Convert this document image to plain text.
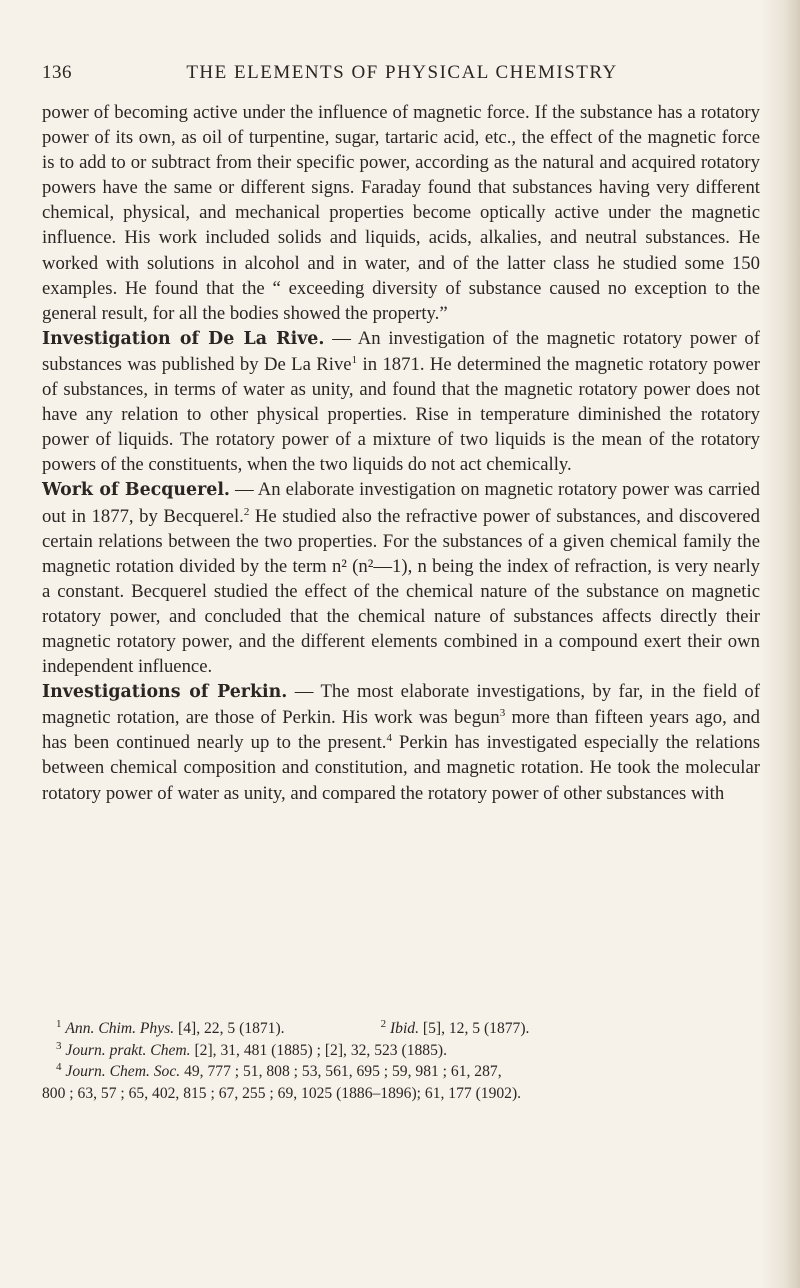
136	THE ELEMENTS OF PHYSICAL CHEMISTRY

power of becoming active under the influence of magnetic force. If the substance has a rotatory power of its own, as oil of turpentine, sugar, tartaric acid, etc., the effect of the magnetic force is to add to or subtract from their specific power, according as the natural and acquired rotatory powers have the same or different signs. Faraday found that substances having very different chemical, physical, and mechanical properties become optically active under the magnetic influence. His work included solids and liquids, acids, alkalies, and neutral substances. He worked with solutions in alcohol and in water, and of the latter class he studied some 150 examples. He found that the “ exceeding diversity of substance caused no exception to the general result, for all the bodies showed the property.”

Investigation of De La Rive. — An investigation of the magnetic rotatory power of substances was published by De La Rive$^1$ in 1871. He determined the magnetic rotatory power of substances, in terms of water as unity, and found that the magnetic rotatory power does not have any relation to other physical properties. Rise in temperature diminished the rotatory power of liquids. The rotatory power of a mixture of two liquids is the mean of the rotatory powers of the constituents, when the two liquids do not act chemically.

Work of Becquerel. — An elaborate investigation on magnetic rotatory power was carried out in 1877, by Becquerel.$^2$ He studied also the refractive power of substances, and discovered certain relations between the two properties. For the substances of a given chemical family the magnetic rotation divided by the term n² (n²—1), n being the index of refraction, is very nearly a constant. Becquerel studied the effect of the chemical nature of the substance on magnetic rotatory power, and concluded that the chemical nature of substances affects directly their magnetic rotatory power, and the different elements combined in a compound exert their own independent influence.

Investigations of Perkin. — The most elaborate investigations, by far, in the field of magnetic rotation, are those of Perkin. His work was begun$^3$ more than fifteen years ago, and has been continued nearly up to the present.$^4$ Perkin has investigated especially the relations between chemical composition and constitution, and magnetic rotation. He took the molecular rotatory power of water as unity, and compared the rotatory power of other substances with

$^1$ Ann. Chim. Phys. [4], 22, 5 (1871).	$^2$ Ibid. [5], 12, 5 (1877).
$^3$ Journ. prakt. Chem. [2], 31, 481 (1885) ; [2], 32, 523 (1885).
$^4$ Journ. Chem. Soc. 49, 777 ; 51, 808 ; 53, 561, 695 ; 59, 981 ; 61, 287,
800 ; 63, 57 ; 65, 402, 815 ; 67, 255 ; 69, 1025 (1886–1896); 61, 177 (1902).
